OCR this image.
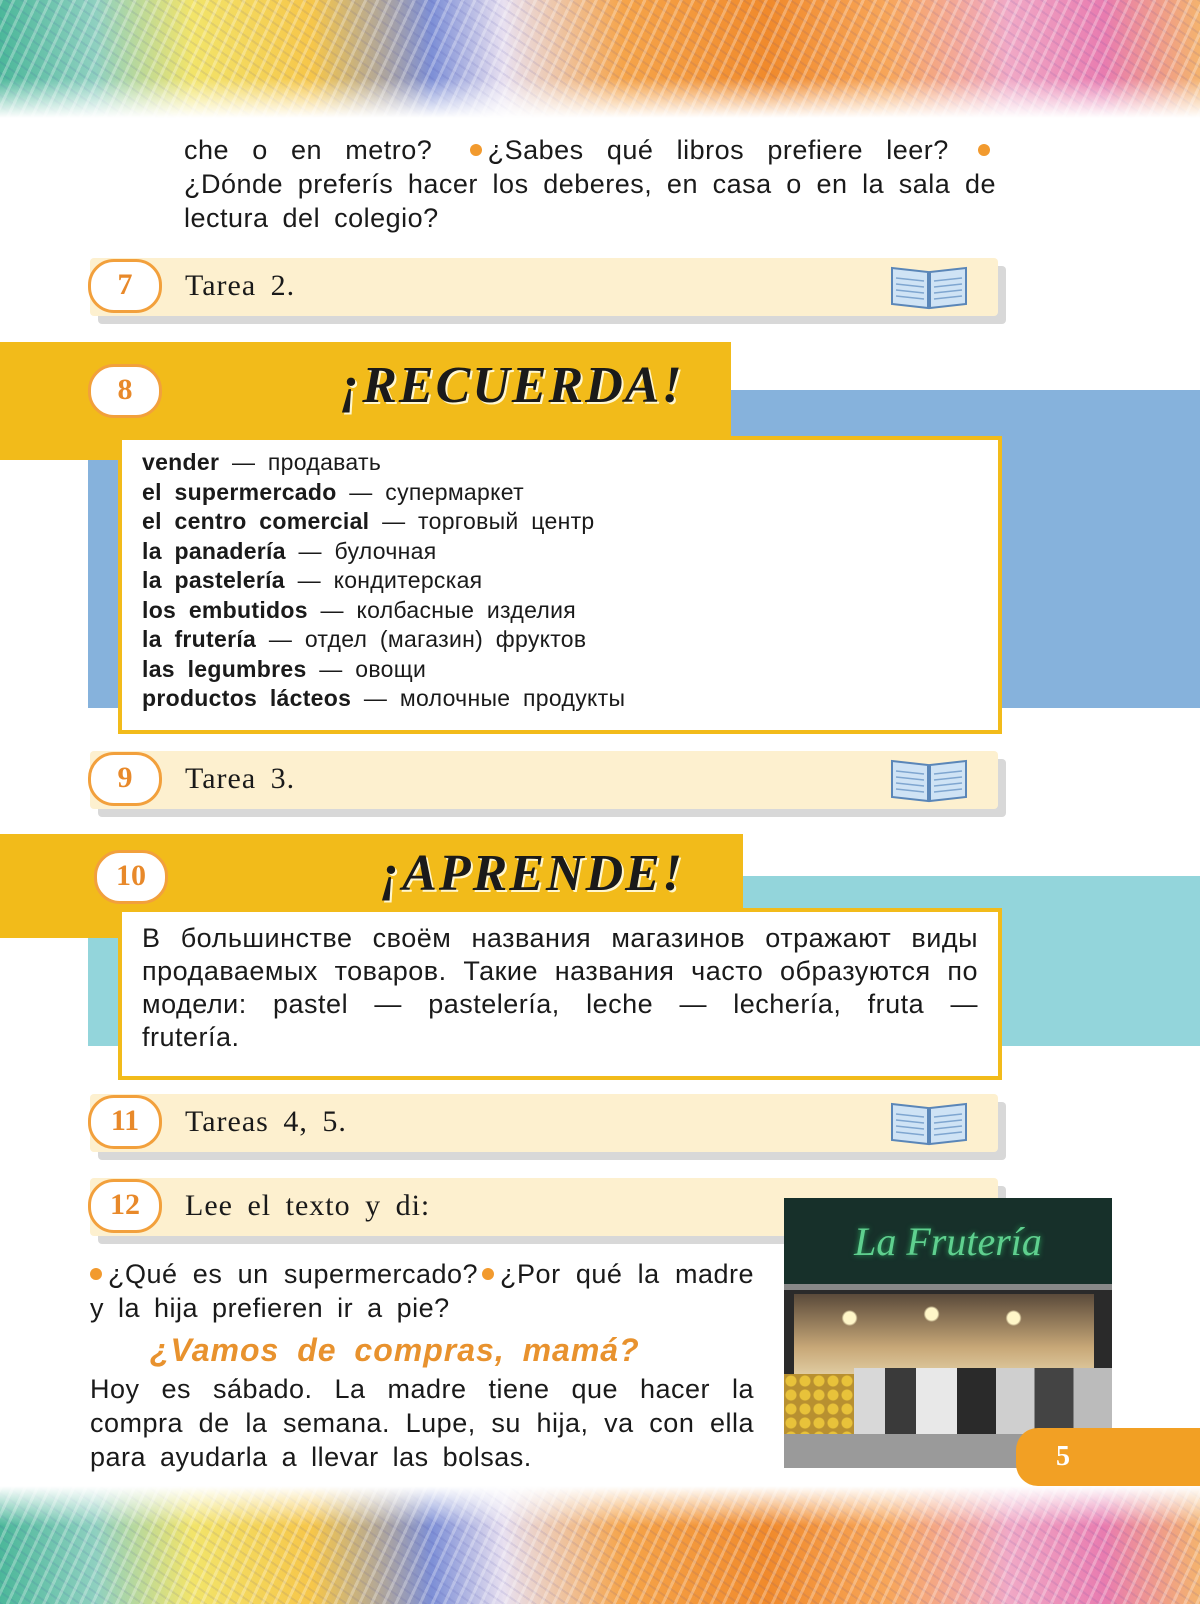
che o en metro? ¿Sabes qué libros prefiere leer? ¿Dónde preferís hacer los deberes, en casa o en la sala de lectura del colegio?
Tarea 2.
7
8	¡RECUERDA!
vender — продавать
el supermercado — супермаркет
el centro comercial — торговый центр
la panadería — булочная
la pastelería — кондитерская
los embutidos — колбасные изделия
la frutería — отдел (магазин) фруктов
las legumbres — овощи
productos lácteos — молочные продукты
Tarea 3.
9
10	¡APRENDE!
В большинстве своём названия магазинов отражают виды продаваемых товаров. Такие названия часто образуются по модели: pastel — pastelería, leche — lechería, fruta — frutería.
Tareas 4, 5.
11
Lee el texto y di:
12
¿Qué es un supermercado? ¿Por qué la madre y la hija prefieren ir a pie?
¿Vamos de compras, mamá?
Hoy es sábado. La madre tiene que hacer la compra de la semana. Lupe, su hija, va con ella para ayudarla a llevar las bolsas.
La Frutería
5
